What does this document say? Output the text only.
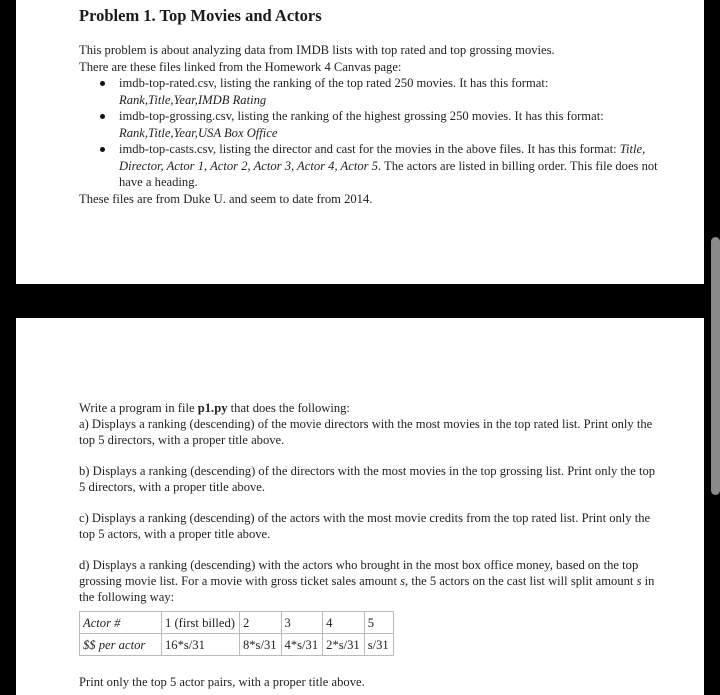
Problem 1. Top Movies and Actors

This problem is about analyzing data from IMDB lists with top rated and top grossing movies.

There are these files linked from the Homework 4 Canvas page:

imdb-top-rated.csv, listing the ranking of the top rated 250 movies. It has this format:
Rank,Title,Year,IMDB Rating
imdb-top-grossing.csv, listing the ranking of the highest grossing 250 movies. It has this format:
Rank,Title,Year,USA Box Office
imdb-top-casts.csv, listing the director and cast for the movies in the above files. It has this format: Title, Director, Actor 1, Actor 2, Actor 3, Actor 4, Actor 5. The actors are listed in billing order. This file does not have a heading.

These files are from Duke U. and seem to date from 2014.

Write a program in file p1.py that does the following:

a) Displays a ranking (descending) of the movie directors with the most movies in the top rated list. Print only the top 5 directors, with a proper title above.

b) Displays a ranking (descending) of the directors with the most movies in the top grossing list. Print only the top 5 directors, with a proper title above.

c) Displays a ranking (descending) of the actors with the most movie credits from the top rated list. Print only the top 5 actors, with a proper title above.

d) Displays a ranking (descending) with the actors who brought in the most box office money, based on the top grossing movie list. For a movie with gross ticket sales amount s, the 5 actors on the cast list will split amount s in the following way:

Actor #	1 (first billed)	2	3	4	5
$$ per actor	16*s/31	8*s/31	4*s/31	2*s/31	s/31
Print only the top 5 actor pairs, with a proper title above.
